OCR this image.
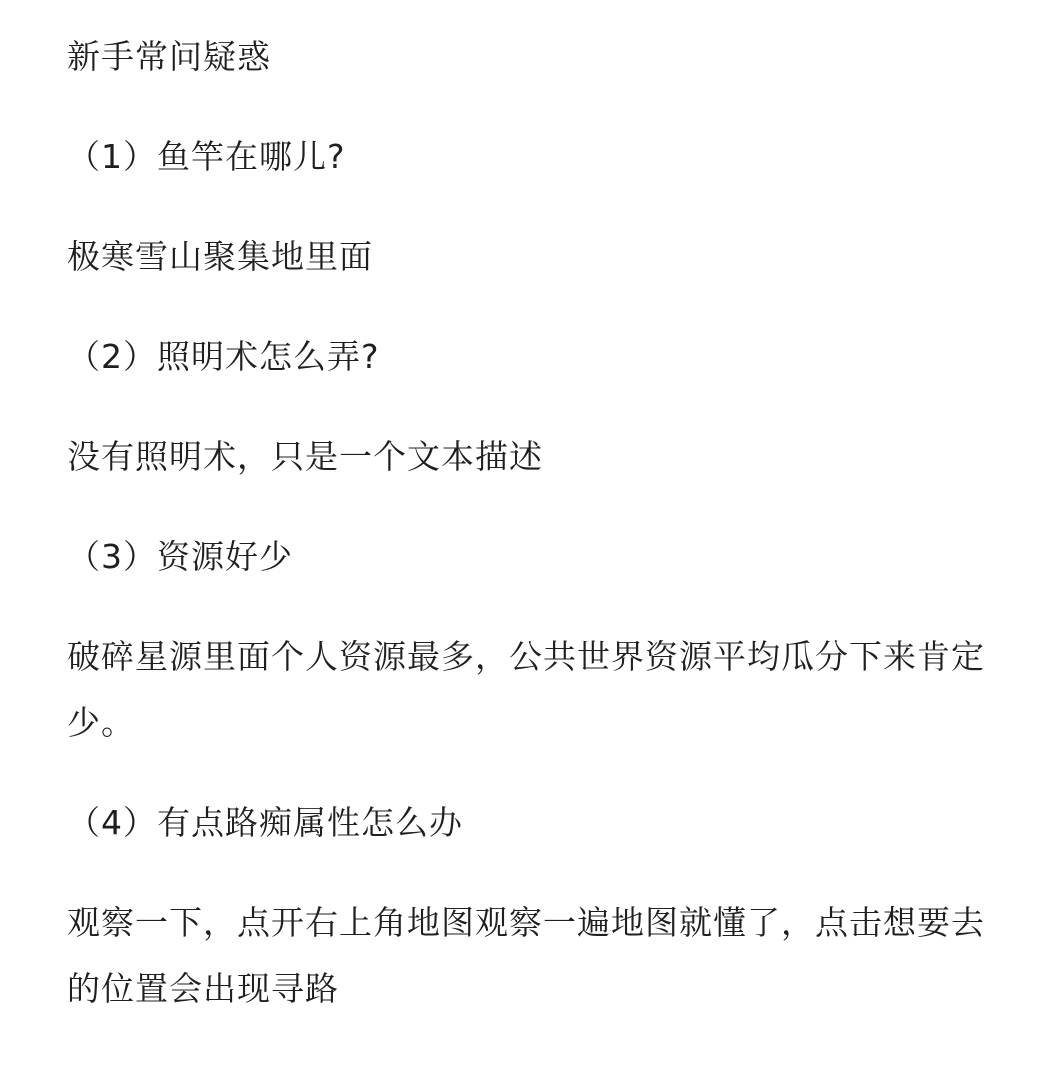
新手常问疑惑

（1）鱼竿在哪儿?

极寒雪山聚集地里面

（2）照明术怎么弄?

没有照明术，只是一个文本描述

（3）资源好少

破碎星源里面个人资源最多，公共世界资源平均瓜分下来肯定少。

（4）有点路痴属性怎么办

观察一下，点开右上角地图观察一遍地图就懂了，点击想要去的位置会出现寻路
